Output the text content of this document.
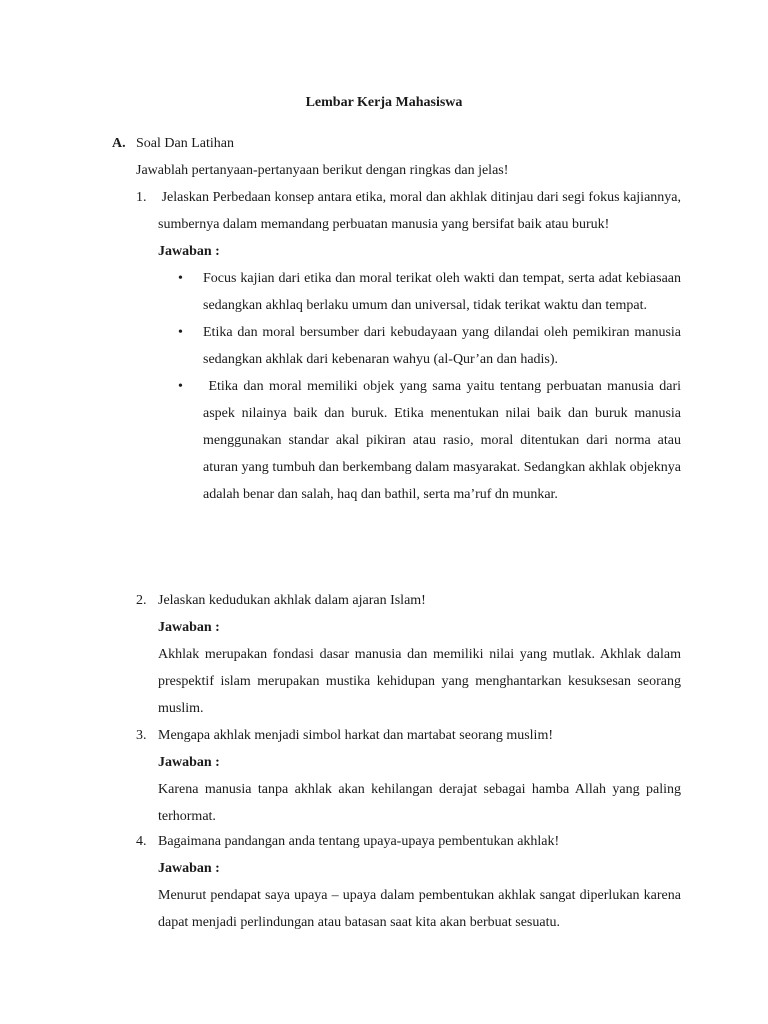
Lembar Kerja Mahasiswa
A. Soal Dan Latihan
Jawablah pertanyaan-pertanyaan berikut dengan ringkas dan jelas!
1. Jelaskan Perbedaan konsep antara etika, moral dan akhlak ditinjau dari segi fokus kajiannya, sumbernya dalam memandang perbuatan manusia yang bersifat baik atau buruk!
Jawaban :
•	Focus kajian dari etika dan moral terikat oleh wakti dan tempat, serta adat kebiasaan sedangkan akhlaq berlaku umum dan universal, tidak terikat waktu dan tempat.
•	Etika dan moral bersumber dari kebudayaan yang dilandai oleh pemikiran manusia sedangkan akhlak dari kebenaran wahyu (al-Qur’an dan hadis).
•	Etika dan moral memiliki objek yang sama yaitu tentang perbuatan manusia dari aspek nilainya baik dan buruk. Etika menentukan nilai baik dan buruk manusia menggunakan standar akal pikiran atau rasio, moral ditentukan dari norma atau aturan yang tumbuh dan berkembang dalam masyarakat. Sedangkan akhlak objeknya adalah benar dan salah, haq dan bathil, serta ma’ruf dn munkar.
2. Jelaskan kedudukan akhlak dalam ajaran Islam!
Jawaban :
Akhlak merupakan fondasi dasar manusia dan memiliki nilai yang mutlak. Akhlak dalam prespektif islam merupakan mustika kehidupan yang menghantarkan kesuksesan seorang muslim.
3. Mengapa akhlak menjadi simbol harkat dan martabat seorang muslim!
Jawaban :
Karena manusia tanpa akhlak akan kehilangan derajat sebagai hamba Allah yang paling terhormat.
4. Bagaimana pandangan anda tentang upaya-upaya pembentukan akhlak!
Jawaban :
Menurut pendapat saya upaya – upaya dalam pembentukan akhlak sangat diperlukan karena dapat menjadi perlindungan atau batasan saat kita akan berbuat sesuatu.
